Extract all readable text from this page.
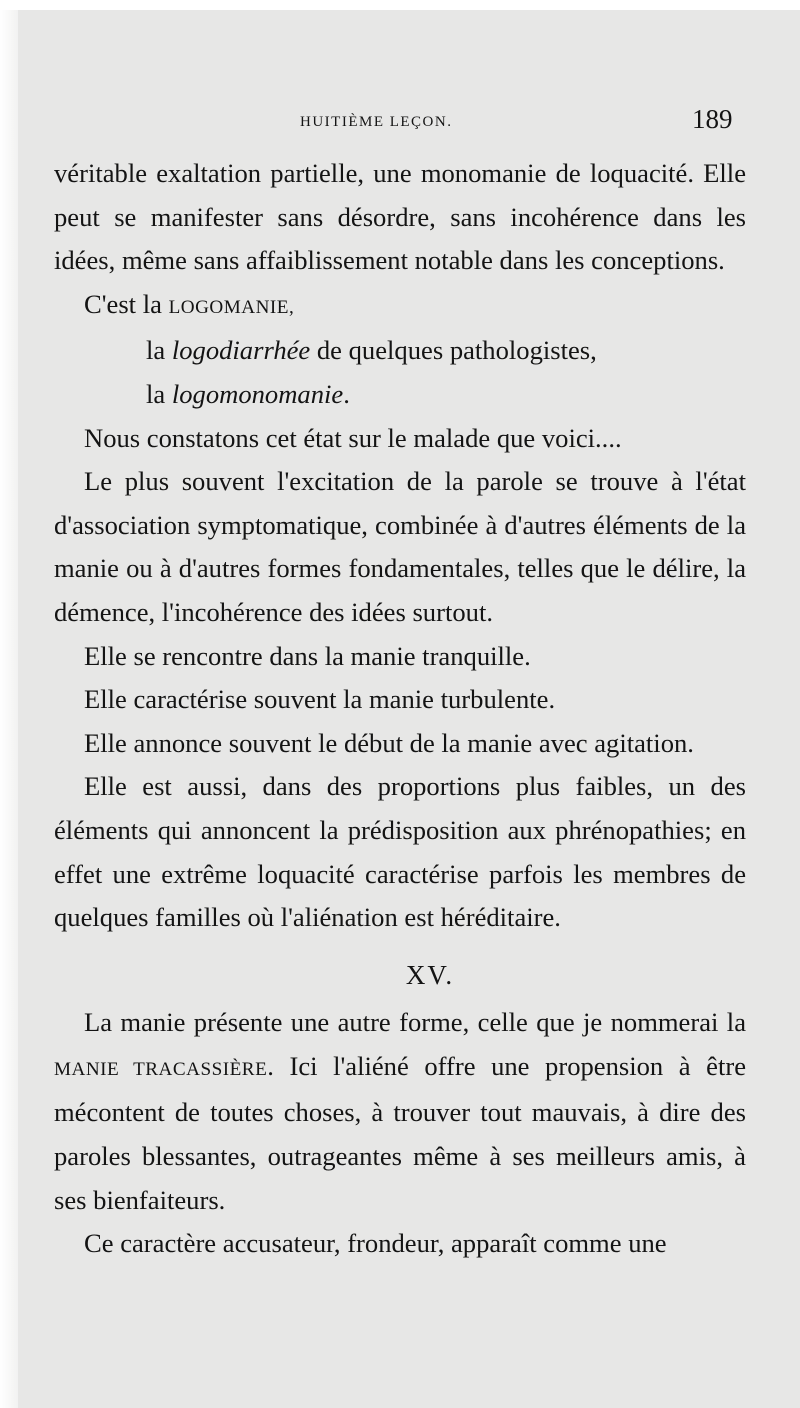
HUITIÈME LEÇON.	189

véritable exaltation partielle, une monomanie de loquacité. Elle peut se manifester sans désordre, sans incohérence dans les idées, même sans affaiblissement notable dans les conceptions.

C'est la LOGOMANIE,

la logodiarrhée de quelques pathologistes,

la logomonomanie.

Nous constatons cet état sur le malade que voici....

Le plus souvent l'excitation de la parole se trouve à l'état d'association symptomatique, combinée à d'autres éléments de la manie ou à d'autres formes fondamentales, telles que le délire, la démence, l'incohérence des idées surtout.

Elle se rencontre dans la manie tranquille.

Elle caractérise souvent la manie turbulente.

Elle annonce souvent le début de la manie avec agitation.

Elle est aussi, dans des proportions plus faibles, un des éléments qui annoncent la prédisposition aux phrénopathies; en effet une extrême loquacité caractérise parfois les membres de quelques familles où l'aliénation est héréditaire.

XV.

La manie présente une autre forme, celle que je nommerai la MANIE TRACASSIÈRE. Ici l'aliéné offre une propension à être mécontent de toutes choses, à trouver tout mauvais, à dire des paroles blessantes, outrageantes même à ses meilleurs amis, à ses bienfaiteurs.

Ce caractère accusateur, frondeur, apparaît comme une
